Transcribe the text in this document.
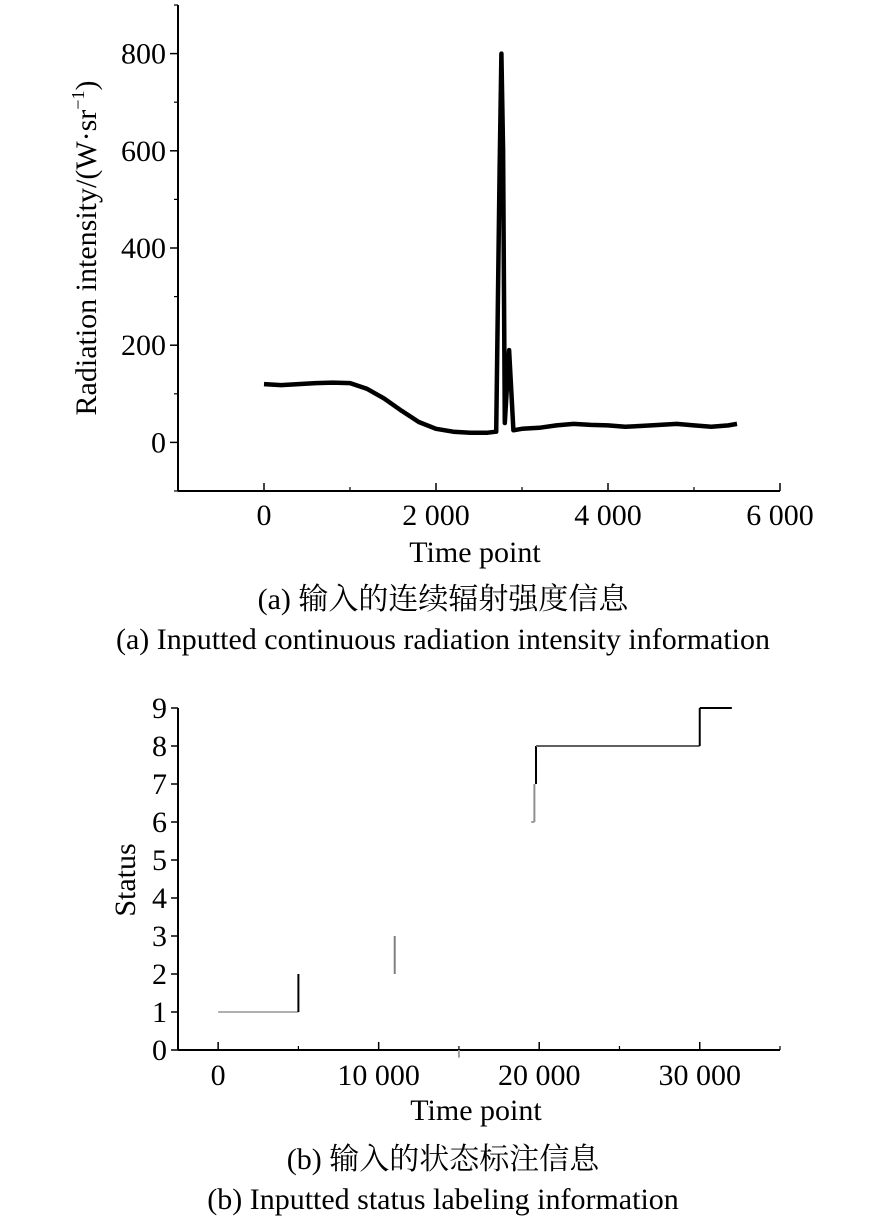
0	2 000	4 000	6 000
0
200
400
600
800
Time point
Radiation intensity/$(W\cdot sr^{-1})$
0	10 000	20 000	30 000
0
1
2
3
4
5
6
7
8
9
Time point
Status
(a) 输入的连续辐射强度信息
(a) Inputted continuous radiation intensity information
(b) 输入的状态标注信息
(b) Inputted status labeling information
